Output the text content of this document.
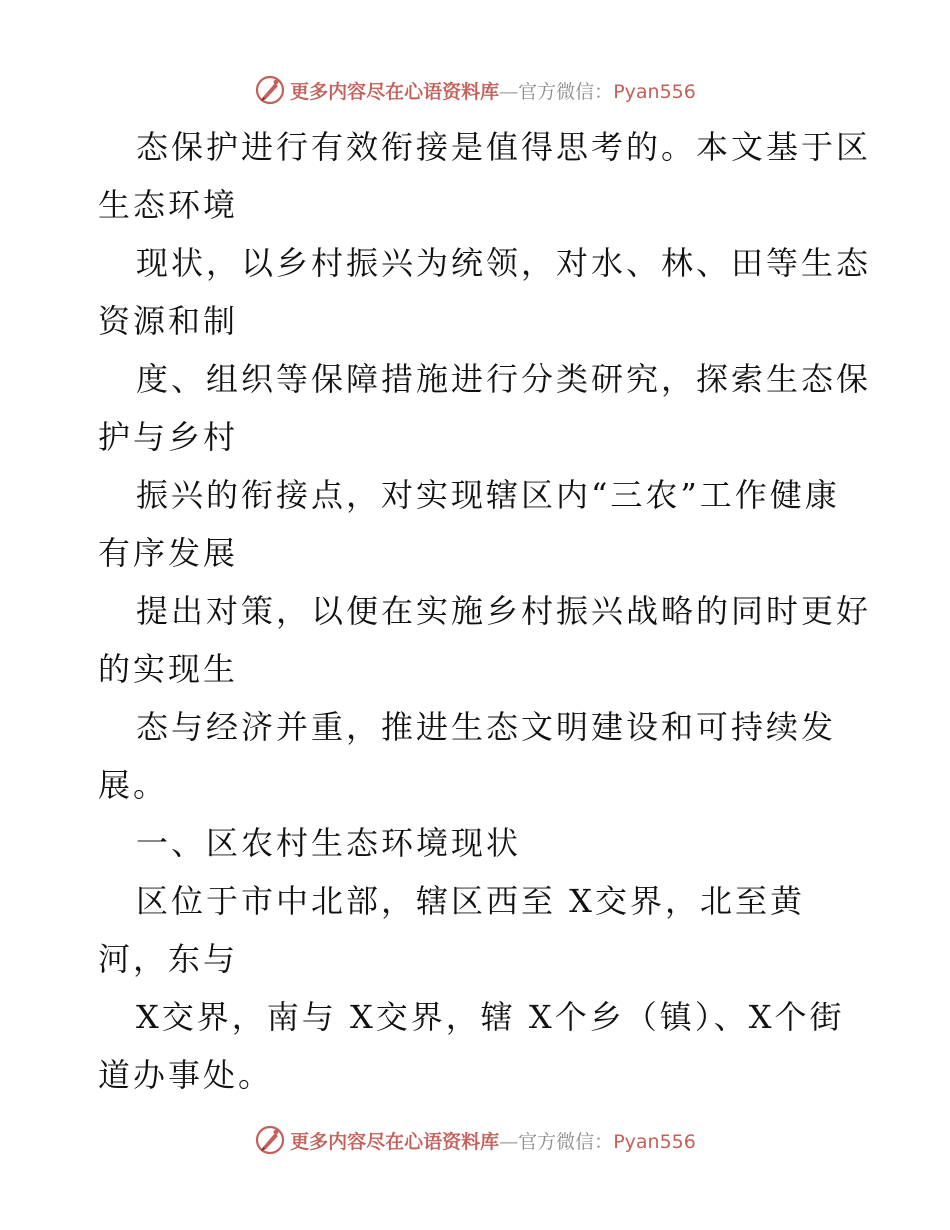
更多内容尽在心语资料库—官方微信：Pyan556
态保护进行有效衔接是值得思考的。本文基于区
生态环境
现状，以乡村振兴为统领，对水、林、田等生态
资源和制
度、组织等保障措施进行分类研究，探索生态保
护与乡村
振兴的衔接点，对实现辖区内“三农”工作健康
有序发展
提出对策，以便在实施乡村振兴战略的同时更好
的实现生
态与经济并重，推进生态文明建设和可持续发
展。
一、区农村生态环境现状
区位于市中北部，辖区西至 X交界，北至黄
河，东与
X交界，南与 X交界，辖 X个乡（镇）、X个街
道办事处。
更多内容尽在心语资料库—官方微信：Pyan556
